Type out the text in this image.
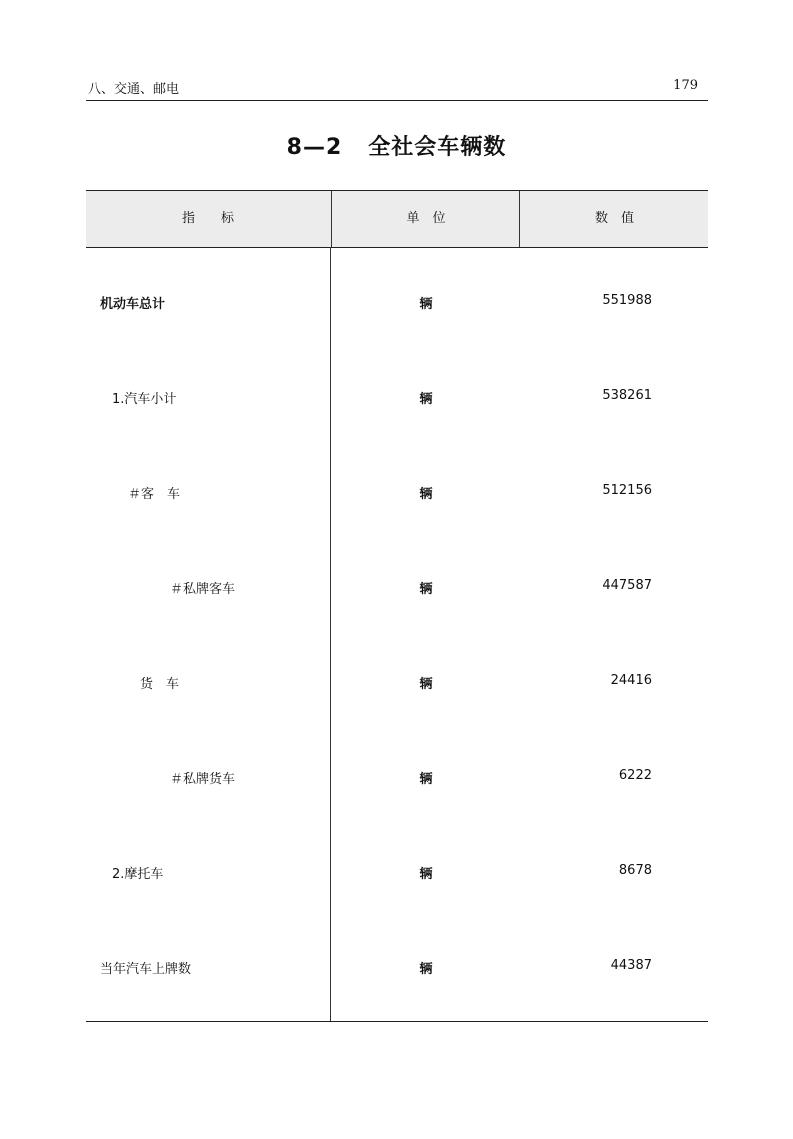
八、交通、邮电	179
8—2 全社会车辆数
指　　标	单　位	数　值
机动车总计	辆	551988
1.汽车小计	辆	538261
＃客　车	辆	512156
＃私牌客车	辆	447587
货　车	辆	24416
＃私牌货车	辆	6222
2.摩托车	辆	8678
当年汽车上牌数	辆	44387
